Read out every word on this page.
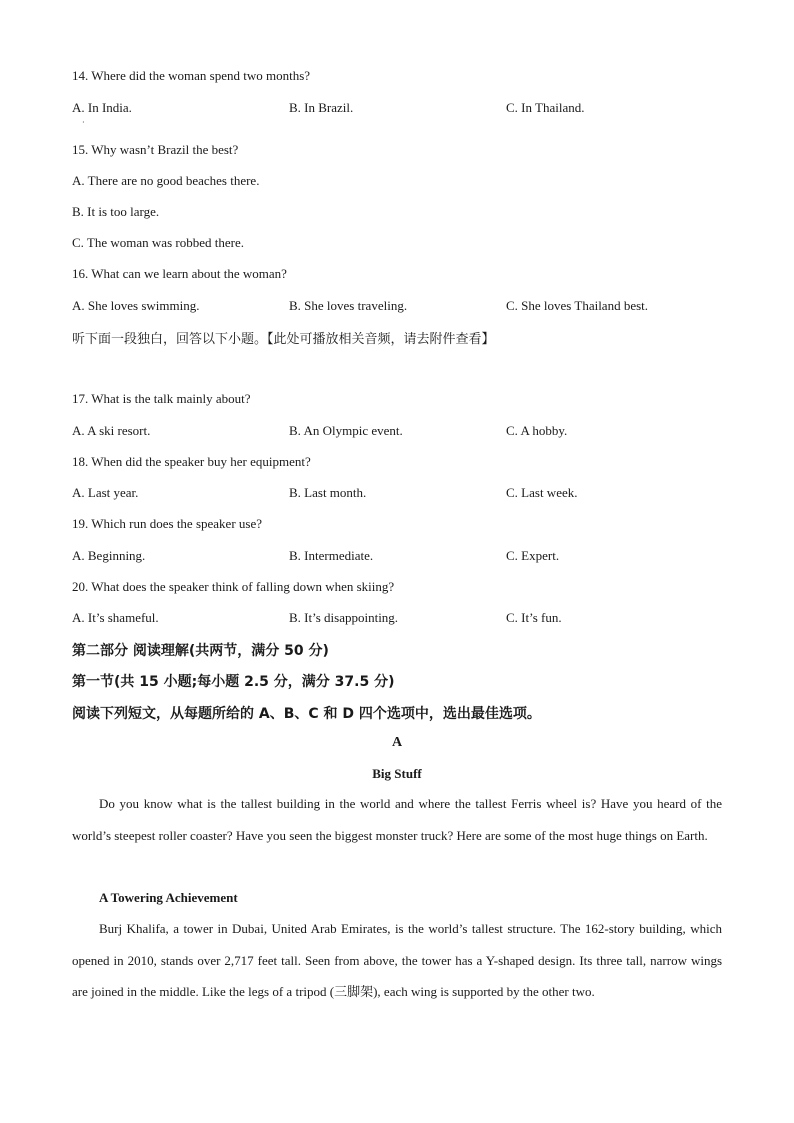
14. Where did the woman spend two months?
A. In India.	B. In Brazil.	C. In Thailand.
·
15. Why wasn’t Brazil the best?
A. There are no good beaches there.
B. It is too large.
C. The woman was robbed there.
16. What can we learn about the woman?
A. She loves swimming.	B. She loves traveling.	C. She loves Thailand best.
听下面一段独白，回答以下小题。【此处可播放相关音频，请去附件查看】
17. What is the talk mainly about?
A. A ski resort.	B. An Olympic event.	C. A hobby.
18. When did the speaker buy her equipment?
A. Last year.	B. Last month.	C. Last week.
19. Which run does the speaker use?
A. Beginning.	B. Intermediate.	C. Expert.
20. What does the speaker think of falling down when skiing?
A. It’s shameful.	B. It’s disappointing.	C. It’s fun.
第二部分 阅读理解(共两节，满分 50 分)
第一节(共 15 小题;每小题 2.5 分，满分 37.5 分)
阅读下列短文，从每题所给的 A、B、C 和 D 四个选项中，选出最佳选项。
A
Big Stuff
Do you know what is the tallest building in the world and where the tallest Ferris wheel is? Have you heard of the world’s steepest roller coaster? Have you seen the biggest monster truck? Here are some of the most huge things on Earth.
A Towering Achievement
Burj Khalifa, a tower in Dubai, United Arab Emirates, is the world’s tallest structure. The 162-story building, which opened in 2010, stands over 2,717 feet tall. Seen from above, the tower has a Y-shaped design. Its three tall, narrow wings are joined in the middle. Like the legs of a tripod (三脚架), each wing is supported by the other two.
